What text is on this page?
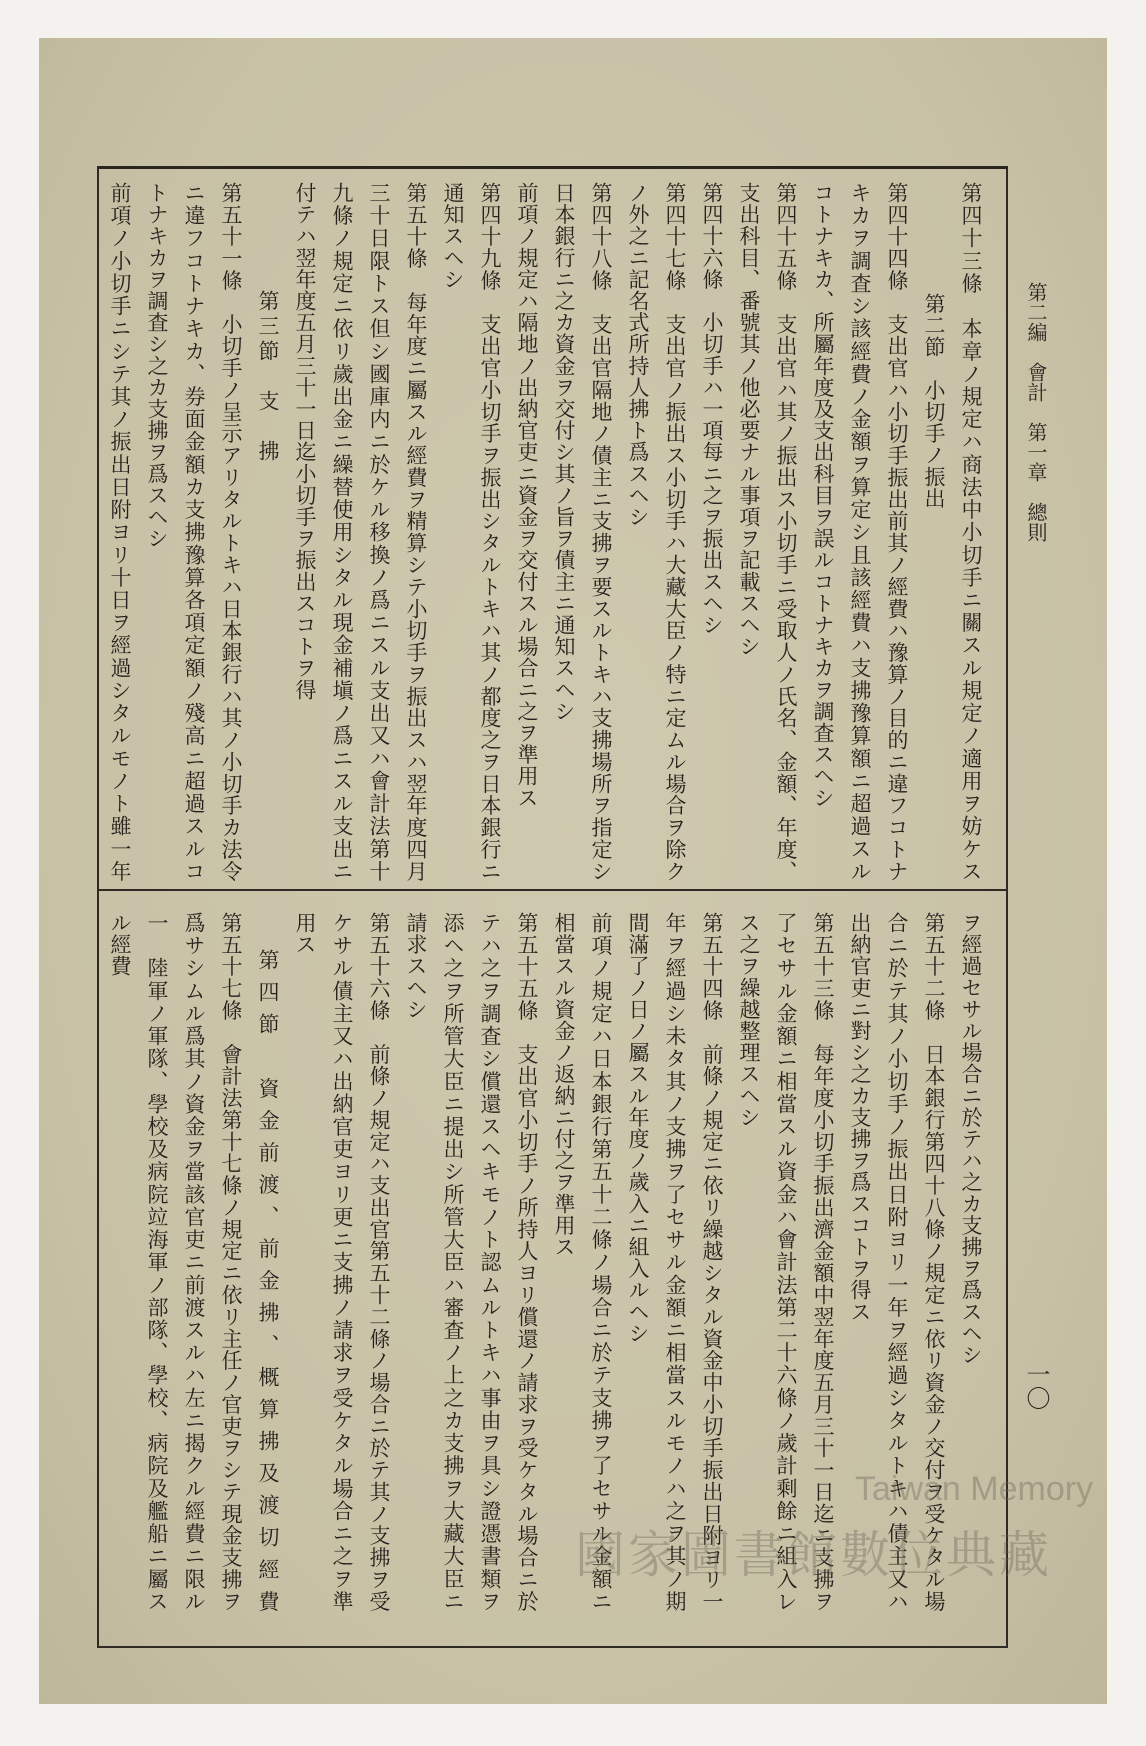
第二編　會計　第一章　總則
一〇

第四十三條　本章ノ規定ハ商法中小切手ニ關スル規定ノ適用ヲ妨ケス

第二節　小切手ノ振出

第四十四條　支出官ハ小切手振出前其ノ經費ハ豫算ノ目的ニ違フコトナ

キカヲ調査シ該經費ノ金額ヲ算定シ且該經費ハ支拂豫算額ニ超過スル

コトナキカ、所屬年度及支出科目ヲ誤ルコトナキカヲ調査スヘシ

第四十五條　支出官ハ其ノ振出ス小切手ニ受取人ノ氏名、金額、年度、

支出科目、番號其ノ他必要ナル事項ヲ記載スヘシ

第四十六條　小切手ハ一項每ニ之ヲ振出スヘシ

第四十七條　支出官ノ振出ス小切手ハ大藏大臣ノ特ニ定ムル場合ヲ除ク

ノ外之ニ記名式所持人拂ト爲スヘシ

第四十八條　支出官隔地ノ債主ニ支拂ヲ要スルトキハ支拂場所ヲ指定シ

日本銀行ニ之カ資金ヲ交付シ其ノ旨ヲ債主ニ通知スヘシ

前項ノ規定ハ隔地ノ出納官吏ニ資金ヲ交付スル場合ニ之ヲ準用ス

第四十九條　支出官小切手ヲ振出シタルトキハ其ノ都度之ヲ日本銀行ニ

通知スヘシ

第五十條　每年度ニ屬スル經費ヲ精算シテ小切手ヲ振出スハ翌年度四月

三十日限トス但シ國庫内ニ於ケル移換ノ爲ニスル支出又ハ會計法第十

九條ノ規定ニ依リ歲出金ニ繰替使用シタル現金補塡ノ爲ニスル支出ニ

付テハ翌年度五月三十一日迄小切手ヲ振出スコトヲ得

第三節　支　拂

第五十一條　小切手ノ呈示アリタルトキハ日本銀行ハ其ノ小切手カ法令

ニ違フコトナキカ、券面金額カ支拂豫算各項定額ノ殘高ニ超過スルコ

トナキカヲ調査シ之カ支拂ヲ爲スヘシ

前項ノ小切手ニシテ其ノ振出日附ヨリ十日ヲ經過シタルモノト雖一年

ヲ經過セサル場合ニ於テハ之カ支拂ヲ爲スヘシ

第五十二條　日本銀行第四十八條ノ規定ニ依リ資金ノ交付ヲ受ケタル場

合ニ於テ其ノ小切手ノ振出日附ヨリ一年ヲ經過シタルトキハ債主又ハ

出納官吏ニ對シ之カ支拂ヲ爲スコトヲ得ス

第五十三條　每年度小切手振出濟金額中翌年度五月三十一日迄ニ支拂ヲ

了セサル金額ニ相當スル資金ハ會計法第二十六條ノ歲計剩餘ニ組入レ

ス之ヲ繰越整理スヘシ

第五十四條　前條ノ規定ニ依リ繰越シタル資金中小切手振出日附ヨリ一

年ヲ經過シ未タ其ノ支拂ヲ了セサル金額ニ相當スルモノハ之ヲ其ノ期

間滿了ノ日ノ屬スル年度ノ歲入ニ組入ルヘシ

前項ノ規定ハ日本銀行第五十二條ノ場合ニ於テ支拂ヲ了セサル金額ニ

相當スル資金ノ返納ニ付之ヲ準用ス

第五十五條　支出官小切手ノ所持人ヨリ償還ノ請求ヲ受ケタル場合ニ於

テハ之ヲ調査シ償還スヘキモノト認ムルトキハ事由ヲ具シ證憑書類ヲ

添ヘ之ヲ所管大臣ニ提出シ所管大臣ハ審査ノ上之カ支拂ヲ大藏大臣ニ

請求スヘシ

第五十六條　前條ノ規定ハ支出官第五十二條ノ場合ニ於テ其ノ支拂ヲ受

ケサル債主又ハ出納官吏ヨリ更ニ支拂ノ請求ヲ受ケタル場合ニ之ヲ準

用ス

第四節　資金前渡、前金拂、概算拂及渡切經費

第五十七條　會計法第十七條ノ規定ニ依リ主任ノ官吏ヲシテ現金支拂ヲ

爲サシムル爲其ノ資金ヲ當該官吏ニ前渡スルハ左ニ揭クル經費ニ限ル

一　陸軍ノ軍隊、學校及病院竝海軍ノ部隊、學校、病院及艦船ニ屬ス

ル經費

Taiwan Memory
國家圖書館數位典藏
